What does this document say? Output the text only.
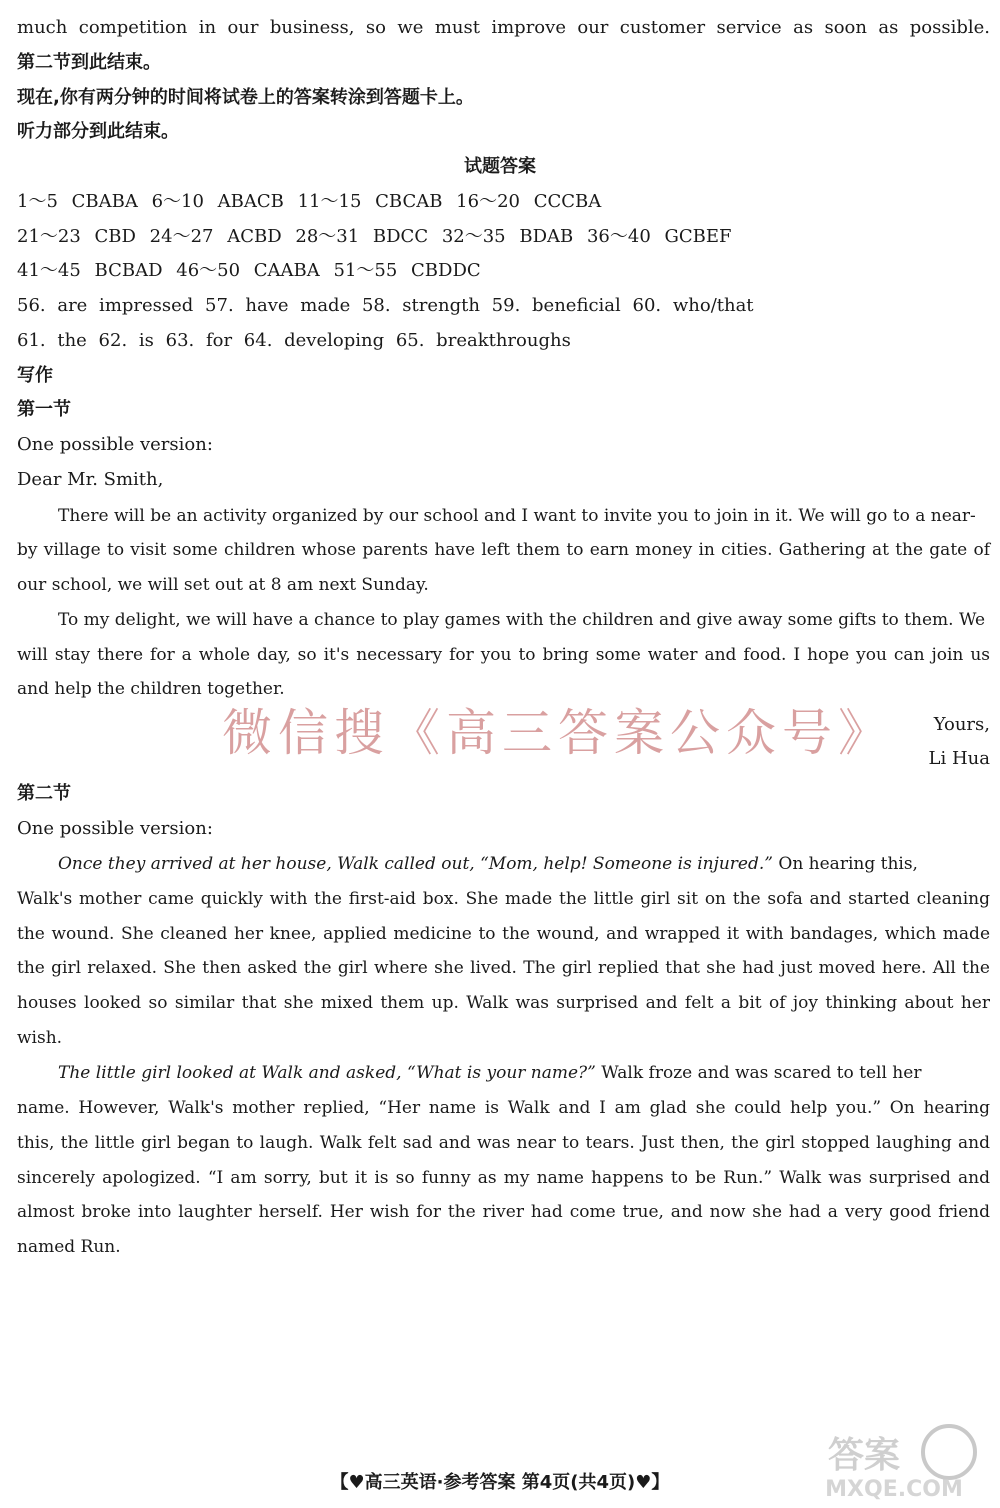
much competition in our business, so we must improve our customer service as soon as possible.
第二节到此结束。
现在,你有两分钟的时间将试卷上的答案转涂到答题卡上。
听力部分到此结束。
试题答案
1～5 CBABA 6～10 ABACB 11～15 CBCAB 16～20 CCCBA
21～23 CBD 24～27 ACBD 28～31 BDCC 32～35 BDAB 36～40 GCBEF
41～45 BCBAD 46～50 CAABA 51～55 CBDDC
56. are impressed 57. have made 58. strength 59. beneficial 60. who/that
61. the 62. is 63. for 64. developing 65. breakthroughs
写作
第一节
One possible version:
Dear Mr. Smith,
There will be an activity organized by our school and I want to invite you to join in it. We will go to a near-
by village to visit some children whose parents have left them to earn money in cities. Gathering at the gate of
our school, we will set out at 8 am next Sunday.
To my delight, we will have a chance to play games with the children and give away some gifts to them. We
will stay there for a whole day, so it's necessary for you to bring some water and food. I hope you can join us
and help the children together.
微信搜《高三答案公众号》 Yours,
Li Hua
第二节
One possible version:
Once they arrived at her house, Walk called out, “Mom, help! Someone is injured.” On hearing this,
Walk's mother came quickly with the first-aid box. She made the little girl sit on the sofa and started cleaning
the wound. She cleaned her knee, applied medicine to the wound, and wrapped it with bandages, which made
the girl relaxed. She then asked the girl where she lived. The girl replied that she had just moved here. All the
houses looked so similar that she mixed them up. Walk was surprised and felt a bit of joy thinking about her
wish.
The little girl looked at Walk and asked, “What is your name?” Walk froze and was scared to tell her
name. However, Walk's mother replied, “Her name is Walk and I am glad she could help you.” On hearing
this, the little girl began to laugh. Walk felt sad and was near to tears. Just then, the girl stopped laughing and
sincerely apologized. “I am sorry, but it is so funny as my name happens to be Run.” Walk was surprised and
almost broke into laughter herself. Her wish for the river had come true, and now she had a very good friend
named Run.
【♥高三英语·参考答案 第4页(共4页)♥】
答案
MXQE.COM
